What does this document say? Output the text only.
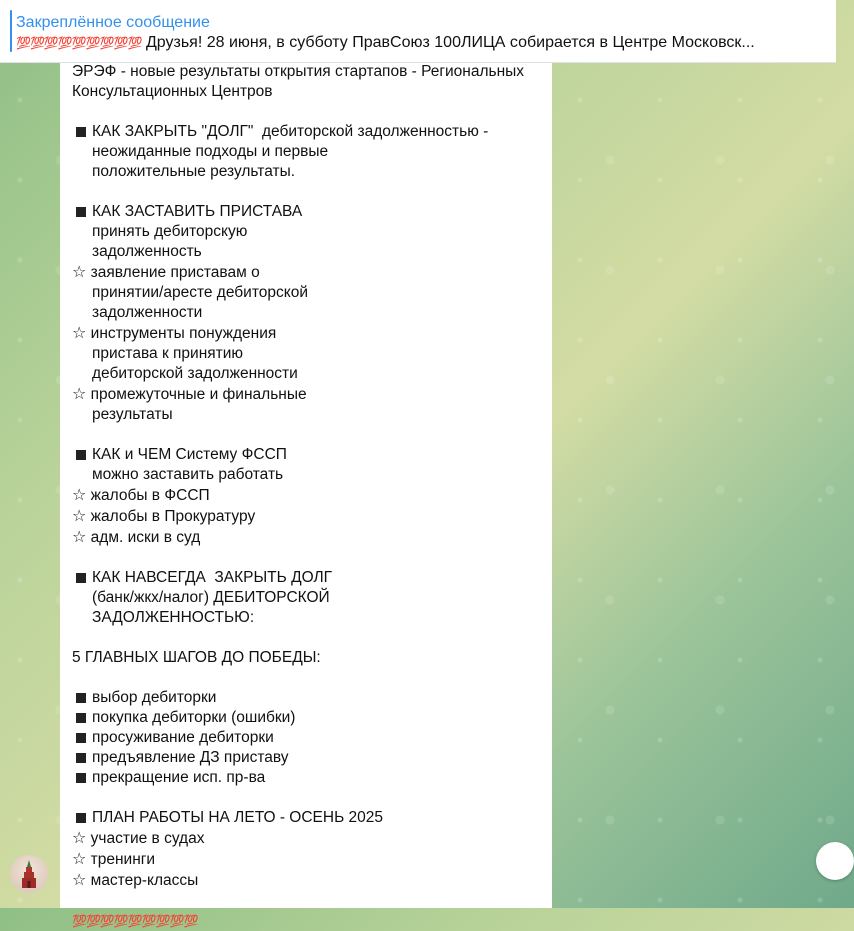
Закреплённое сообщение
💯💯💯💯💯💯💯💯💯 Друзья! 28 июня, в субботу ПравСоюз 100ЛИЦА собирается в Центре Московск...
ЭРЭФ - новые результаты открытия стартапов - Региональных
Консультационных Центров

КАК ЗАКРЫТЬ "ДОЛГ"  дебиторской задолженностью -
неожиданные подходы и первые
положительные результаты.

КАК ЗАСТАВИТЬ ПРИСТАВА
принять дебиторскую
задолженность
☆ заявление приставам о
принятии/аресте дебиторской
задолженности
☆ инструменты понуждения
пристава к принятию
дебиторской задолженности
☆ промежуточные и финальные
результаты

КАК и ЧЕМ Систему ФССП
можно заставить работать
☆ жалобы в ФССП
☆ жалобы в Прокуратуру
☆ адм. иски в суд

КАК НАВСЕГДА  ЗАКРЫТЬ ДОЛГ
(банк/жкх/налог) ДЕБИТОРСКОЙ
ЗАДОЛЖЕННОСТЬЮ:

5 ГЛАВНЫХ ШАГОВ ДО ПОБЕДЫ:

выбор дебиторки
покупка дебиторки (ошибки)
просуживание дебиторки
предъявление ДЗ приставу
прекращение исп. пр-ва

ПЛАН РАБОТЫ НА ЛЕТО - ОСЕНЬ 2025
☆ участие в судах
☆ тренинги
☆ мастер-классы

💯💯💯💯💯💯💯💯💯
